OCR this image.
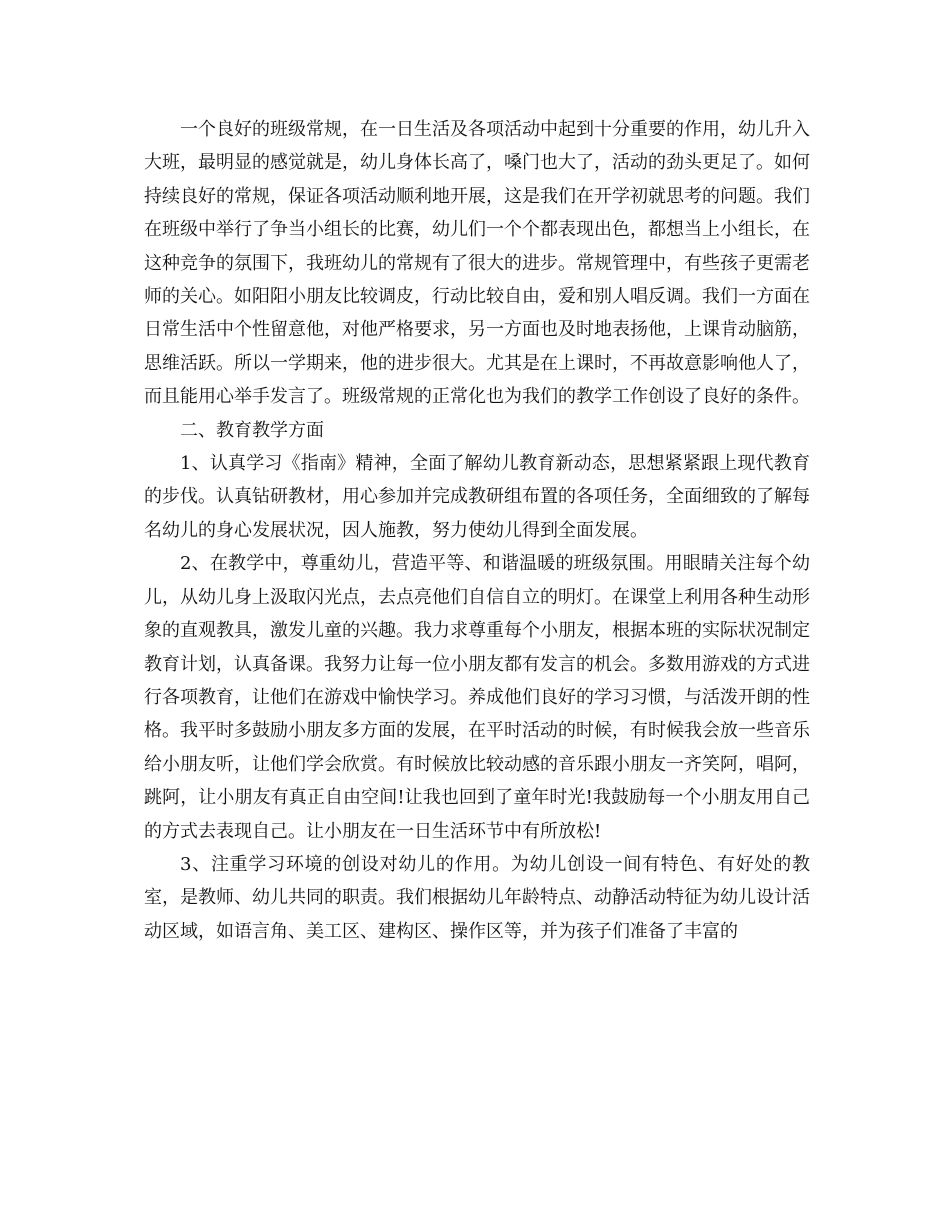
一个良好的班级常规，在一日生活及各项活动中起到十分重要的作用，幼儿升入大班，最明显的感觉就是，幼儿身体长高了，嗓门也大了，活动的劲头更足了。如何持续良好的常规，保证各项活动顺利地开展，这是我们在开学初就思考的问题。我们在班级中举行了争当小组长的比赛，幼儿们一个个都表现出色，都想当上小组长，在这种竞争的氛围下，我班幼儿的常规有了很大的进步。常规管理中，有些孩子更需老师的关心。如阳阳小朋友比较调皮，行动比较自由，爱和别人唱反调。我们一方面在日常生活中个性留意他，对他严格要求，另一方面也及时地表扬他，上课肯动脑筋，思维活跃。所以一学期来，他的进步很大。尤其是在上课时，不再故意影响他人了，而且能用心举手发言了。班级常规的正常化也为我们的教学工作创设了良好的条件。

二、教育教学方面

1、认真学习《指南》精神，全面了解幼儿教育新动态，思想紧紧跟上现代教育的步伐。认真钻研教材，用心参加并完成教研组布置的各项任务，全面细致的了解每名幼儿的身心发展状况，因人施教，努力使幼儿得到全面发展。

2、在教学中，尊重幼儿，营造平等、和谐温暖的班级氛围。用眼睛关注每个幼儿，从幼儿身上汲取闪光点，去点亮他们自信自立的明灯。在课堂上利用各种生动形象的直观教具，激发儿童的兴趣。我力求尊重每个小朋友，根据本班的实际状况制定教育计划，认真备课。我努力让每一位小朋友都有发言的机会。多数用游戏的方式进行各项教育，让他们在游戏中愉快学习。养成他们良好的学习习惯，与活泼开朗的性格。我平时多鼓励小朋友多方面的发展，在平时活动的时候，有时候我会放一些音乐给小朋友听，让他们学会欣赏。有时候放比较动感的音乐跟小朋友一齐笑阿，唱阿，跳阿，让小朋友有真正自由空间!让我也回到了童年时光!我鼓励每一个小朋友用自己的方式去表现自己。让小朋友在一日生活环节中有所放松!

3、注重学习环境的创设对幼儿的作用。为幼儿创设一间有特色、有好处的教室，是教师、幼儿共同的职责。我们根据幼儿年龄特点、动静活动特征为幼儿设计活动区域，如语言角、美工区、建构区、操作区等，并为孩子们准备了丰富的
